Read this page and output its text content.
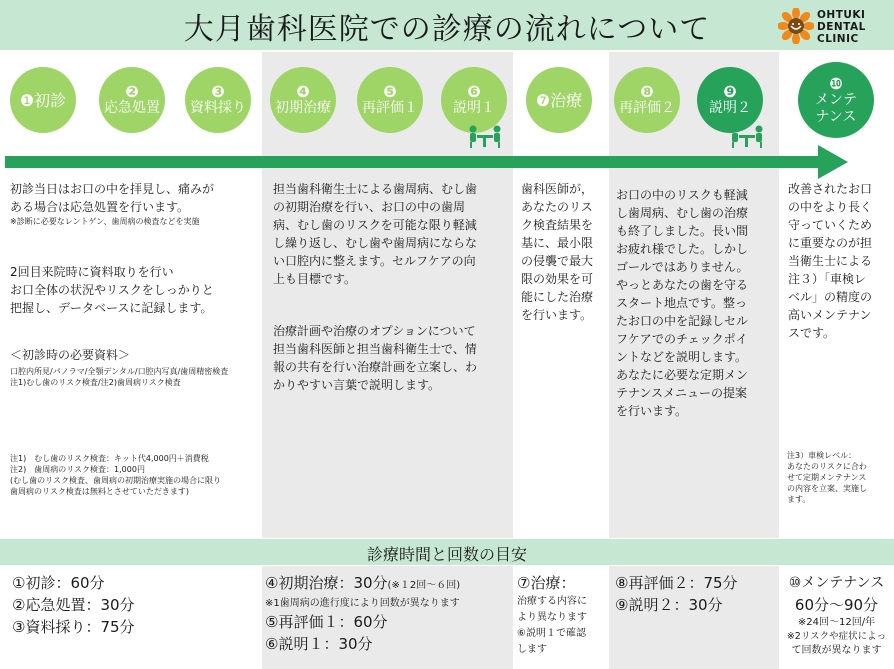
大月歯科医院での診療の流れについて	OHTUKI
DENTAL
CLINIC
❶初診	❷
応急処置
❸
資料採り
❹
初期治療
❺
再評価１
❻
説明１	❼治療	❽
再評価２
❾
説明２
❿
メンテ
ナンス
初診当日はお口の中を拝見し、痛みが
ある場合は応急処置を行います。
※診断に必要なレントゲン、歯周病の検査などを実施
2回目来院時に資料取りを行い
お口全体の状況やリスクをしっかりと
把握し、データベースに記録します。
＜初診時の必要資料＞
口腔内所見/パノラマ/全顎デンタル/口腔内写真/歯周精密検査
注1)むし歯のリスク検査/注2)歯周病リスク検査
注1)　むし歯のリスク検査：キット代4,000円＋消費税
注2)　歯周病のリスク検査：1,000円
(むし歯のリスク検査、歯周病の初期治療実施の場合に限り
歯周病のリスク検査は無料とさせていただきます)
担当歯科衛生士による歯周病、むし歯
の初期治療を行い、お口の中の歯周
病、むし歯のリスクを可能な限り軽減
し繰り返し、むし歯や歯周病にならな
い口腔内に整えます。セルフケアの向
上も目標です。
治療計画や治療のオプションについて
担当歯科医師と担当歯科衛生士で、情
報の共有を行い治療計画を立案し、わ
かりやすい言葉で説明します。
歯科医師が，
あなたのリス
ク検査結果を
基に、最小限
の侵襲で最大
限の効果を可
能にした治療
を行います。
お口の中のリスクも軽減
し歯周病、むし歯の治療
も終了しました。長い間
お疲れ様でした。しかし
ゴールではありません。
やっとあなたの歯を守る
スタート地点です。整っ
たお口の中を記録しセル
フケアでのチェックポイ
ントなどを説明します。
あなたに必要な定期メン
テナンスメニューの提案
を行います。
改善されたお口
の中をより長く
守っていくため
に重要なのが担
当衛生士による
注３）「車検レ
ベル」の精度の
高いメンテナン
スです。
注3）車検レベル：
あなたのリスクに合わ
せて定期メンテナンス
の内容を立案、実施し
ます。
診療時間と回数の目安
①初診：60分
②応急処置：30分
③資料採り：75分
④初期治療：30分(※１2回〜６回)
※1歯周病の進行度により回数が異なります
⑤再評価１：60分
⑥説明１：30分
⑦治療：
治療する内容に
より異なります
⑥説明１で確認
します
⑧再評価２：75分
⑨説明２：30分
⑩メンテナンス
60分〜90分
※24回〜12回/年
※2リスクや症状によっ
て回数が異なります
